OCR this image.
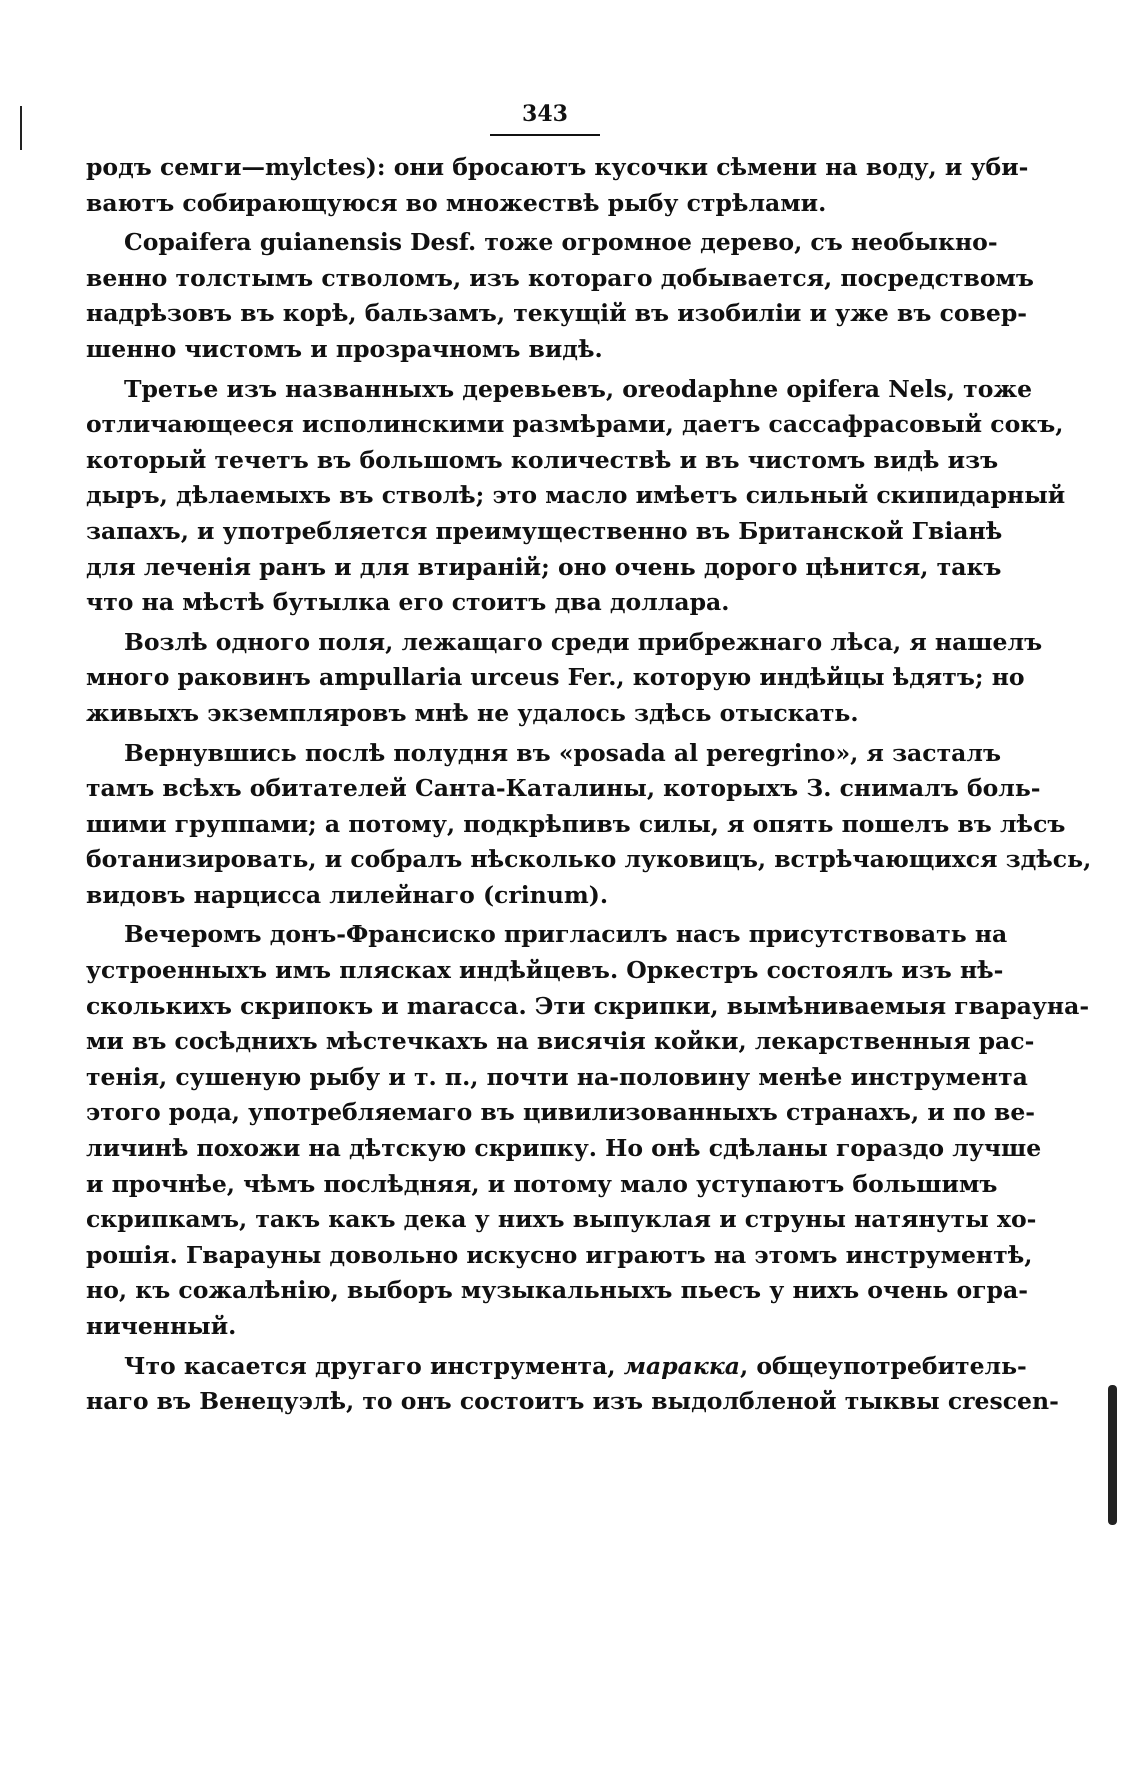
343
родъ семги—mylctes): они бросаютъ кусочки сѣмени на воду, и уби-
ваютъ собирающуюся во множествѣ рыбу стрѣлами.
Copaifera guianensis Desf. тоже огромное дерево, съ необыкно-
венно толстымъ стволомъ, изъ котораго добывается, посредствомъ
надрѣзовъ въ корѣ, бальзамъ, текущій въ изобиліи и уже въ совер-
шенно чистомъ и прозрачномъ видѣ.
Третье изъ названныхъ деревьевъ, oreodaphne opifera Nels, тоже
отличающееся исполинскими размѣрами, даетъ сассафрасовый сокъ,
который течетъ въ большомъ количествѣ и въ чистомъ видѣ изъ
дыръ, дѣлаемыхъ въ стволѣ; это масло имѣетъ сильный скипидарный
запахъ, и употребляется преимущественно въ Британской Гвіанѣ
для леченія ранъ и для втираній; оно очень дорого цѣнится, такъ
что на мѣстѣ бутылка его стоитъ два доллара.
Возлѣ одного поля, лежащаго среди прибрежнаго лѣса, я нашелъ
много раковинъ ampullaria urceus Fer., которую индѣйцы ѣдятъ; но
живыхъ экземпляровъ мнѣ не удалось здѣсь отыскать.
Вернувшись послѣ полудня въ «posada al peregrino», я засталъ
тамъ всѣхъ обитателей Санта-Каталины, которыхъ З. снималъ боль-
шими группами; а потому, подкрѣпивъ силы, я опять пошелъ въ лѣсъ
ботанизировать, и собралъ нѣсколько луковицъ, встрѣчающихся здѣсь,
видовъ нарцисса лилейнаго (crinum).
Вечеромъ донъ-Франсиско пригласилъ насъ присутствовать на
устроенныхъ имъ плясках индѣйцевъ. Оркестръ состоялъ изъ нѣ-
сколькихъ скрипокъ и maracca. Эти скрипки, вымѣниваемыя гварауна-
ми въ сосѣднихъ мѣстечкахъ на висячія койки, лекарственныя рас-
тенія, сушеную рыбу и т. п., почти на-половину менѣе инструмента
этого рода, употребляемаго въ цивилизованныхъ странахъ, и по ве-
личинѣ похожи на дѣтскую скрипку. Но онѣ сдѣланы гораздо лучше
и прочнѣе, чѣмъ послѣдняя, и потому мало уступаютъ большимъ
скрипкамъ, такъ какъ дека у нихъ выпуклая и струны натянуты хо-
рошія. Гварауны довольно искусно играютъ на этомъ инструментѣ,
но, къ сожалѣнію, выборъ музыкальныхъ пьесъ у нихъ очень огра-
ниченный.
Что касается другаго инструмента, маракка, общеупотребитель-
наго въ Венецуэлѣ, то онъ состоитъ изъ выдолбленой тыквы crescen-
